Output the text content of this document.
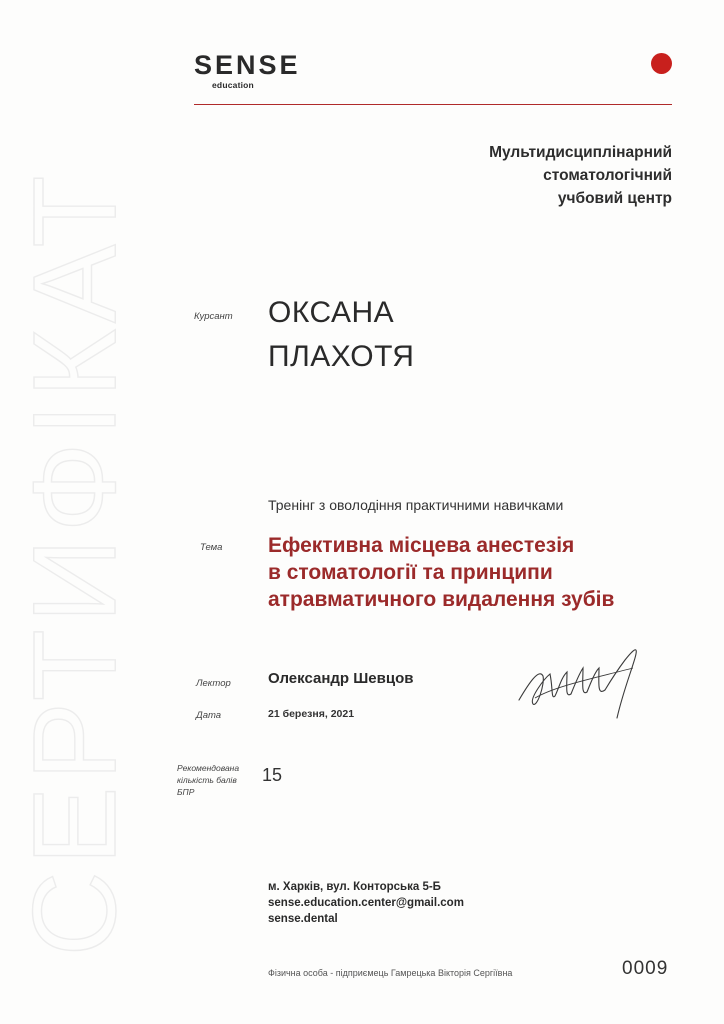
СЕРТИФІКАТ
SENSE
education
Мультидисциплінарний
стоматологічний
учбовий центр
Курсант ОКСАНА
ПЛАХОТЯ
Тренінг з оволодіння практичними навичками
Тема Ефективна місцева анестезія
в стоматології та принципи
атравматичного видалення зубів
Лектор Олександр Шевцов
Дата	21 березня, 2021
Рекомендована
кількість балів
БПР
15
м. Харків, вул. Конторська 5-Б
sense.education.center@gmail.com
sense.dental
Фізична особа - підприємець Гамрецька Вікторія Сергіївна	0009
